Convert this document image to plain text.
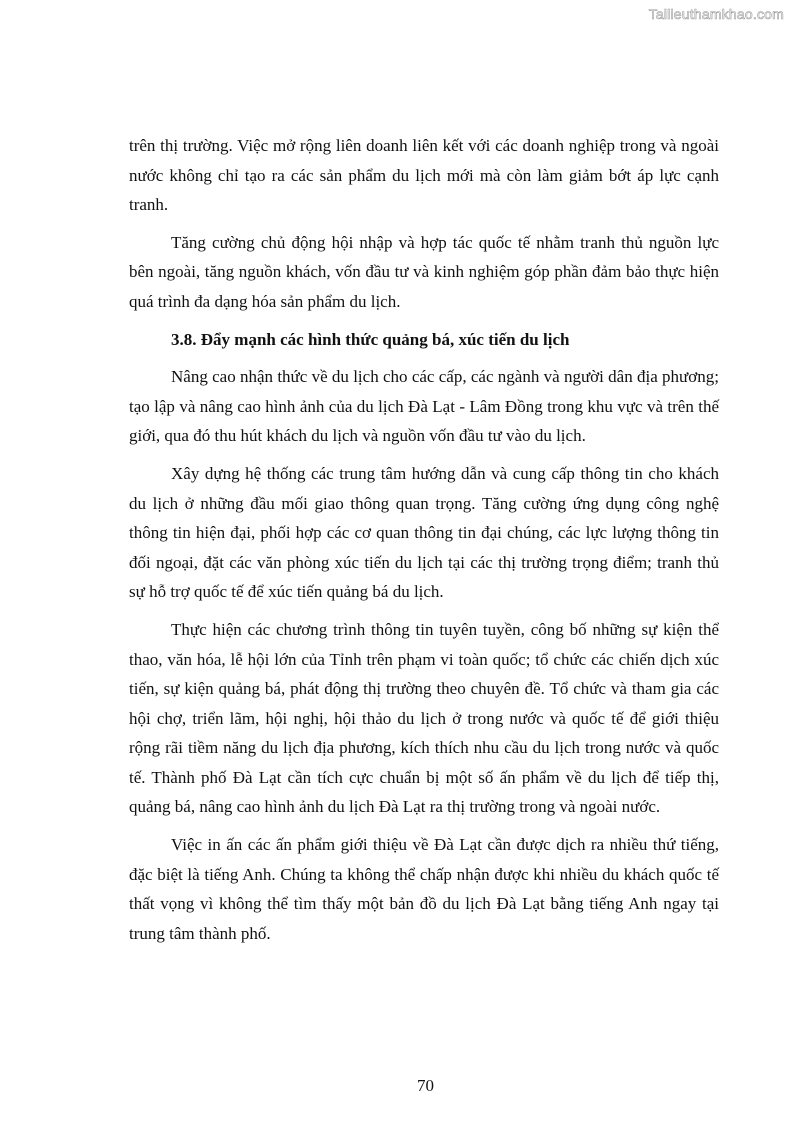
Tailieuthamkhao.com

trên thị trường. Việc mở rộng liên doanh liên kết với các doanh nghiệp trong và ngoài nước không chỉ tạo ra các sản phẩm du lịch mới mà còn làm giảm bớt áp lực cạnh tranh.

Tăng cường chủ động hội nhập và hợp tác quốc tế nhằm tranh thủ nguồn lực bên ngoài, tăng nguồn khách, vốn đầu tư và kinh nghiệm góp phần đảm bảo thực hiện quá trình đa dạng hóa sản phẩm du lịch.

3.8. Đẩy mạnh các hình thức quảng bá, xúc tiến du lịch

Nâng cao nhận thức về du lịch cho các cấp, các ngành và người dân địa phương; tạo lập và nâng cao hình ảnh của du lịch Đà Lạt - Lâm Đồng trong khu vực và trên thế giới, qua đó thu hút khách du lịch và nguồn vốn đầu tư vào du lịch.

Xây dựng hệ thống các trung tâm hướng dẫn và cung cấp thông tin cho khách du lịch ở những đầu mối giao thông quan trọng. Tăng cường ứng dụng công nghệ thông tin hiện đại, phối hợp các cơ quan thông tin đại chúng, các lực lượng thông tin đối ngoại, đặt các văn phòng xúc tiến du lịch tại các thị trường trọng điểm; tranh thủ sự hỗ trợ quốc tế để xúc tiến quảng bá du lịch.

Thực hiện các chương trình thông tin tuyên tuyền, công bố những sự kiện thể thao, văn hóa, lễ hội lớn của Tỉnh trên phạm vi toàn quốc; tổ chức các chiến dịch xúc tiến, sự kiện quảng bá, phát động thị trường theo chuyên đề. Tổ chức và tham gia các hội chợ, triển lãm, hội nghị, hội thảo du lịch ở trong nước và quốc tế để giới thiệu rộng rãi tiềm năng du lịch địa phương, kích thích nhu cầu du lịch trong nước và quốc tế. Thành phố Đà Lạt cần tích cực chuẩn bị một số ấn phẩm về du lịch để tiếp thị, quảng bá, nâng cao hình ảnh du lịch Đà Lạt ra thị trường trong và ngoài nước.

Việc in ấn các ấn phẩm giới thiệu về Đà Lạt cần được dịch ra nhiều thứ tiếng, đặc biệt là tiếng Anh. Chúng ta không thể chấp nhận được khi nhiều du khách quốc tế thất vọng vì không thể tìm thấy một bản đồ du lịch Đà Lạt bằng tiếng Anh ngay tại trung tâm thành phố.

70
